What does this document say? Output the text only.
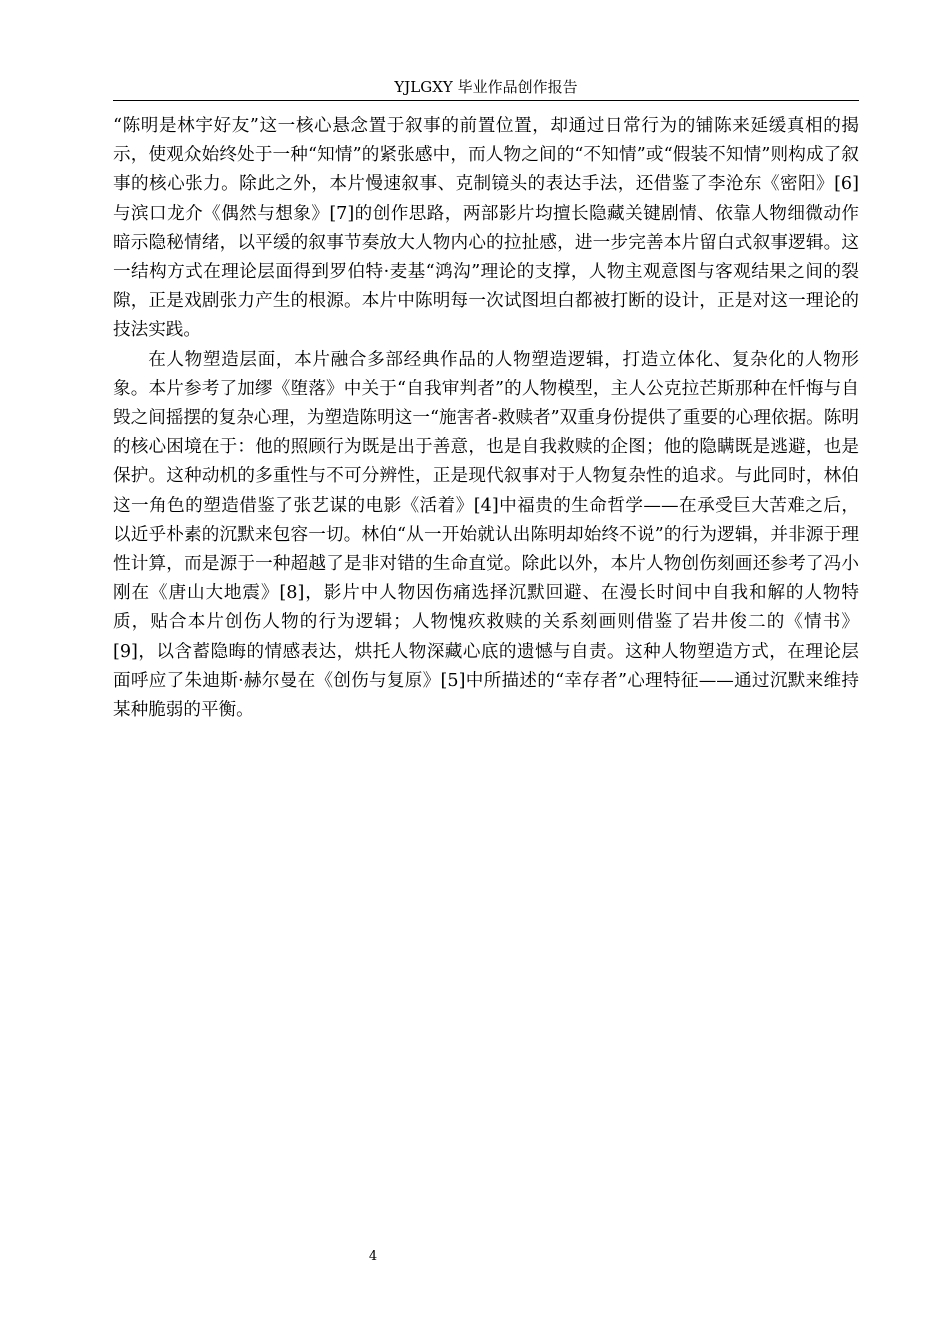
YJLGXY 毕业作品创作报告

“陈明是林宇好友”这一核心悬念置于叙事的前置位置，却通过日常行为的铺陈来延缓真相的揭示，使观众始终处于一种“知情”的紧张感中，而人物之间的“不知情”或“假装不知情”则构成了叙事的核心张力。除此之外，本片慢速叙事、克制镜头的表达手法，还借鉴了李沧东《密阳》[6]与滨口龙介《偶然与想象》[7]的创作思路，两部影片均擅长隐藏关键剧情、依靠人物细微动作暗示隐秘情绪，以平缓的叙事节奏放大人物内心的拉扯感，进一步完善本片留白式叙事逻辑。这一结构方式在理论层面得到罗伯特·麦基“鸿沟”理论的支撑，人物主观意图与客观结果之间的裂隙，正是戏剧张力产生的根源。本片中陈明每一次试图坦白都被打断的设计，正是对这一理论的技法实践。

在人物塑造层面，本片融合多部经典作品的人物塑造逻辑，打造立体化、复杂化的人物形象。本片参考了加缪《堕落》中关于“自我审判者”的人物模型，主人公克拉芒斯那种在忏悔与自毁之间摇摆的复杂心理，为塑造陈明这一“施害者-救赎者”双重身份提供了重要的心理依据。陈明的核心困境在于：他的照顾行为既是出于善意，也是自我救赎的企图；他的隐瞒既是逃避，也是保护。这种动机的多重性与不可分辨性，正是现代叙事对于人物复杂性的追求。与此同时，林伯这一角色的塑造借鉴了张艺谋的电影《活着》[4]中福贵的生命哲学——在承受巨大苦难之后，以近乎朴素的沉默来包容一切。林伯“从一开始就认出陈明却始终不说”的行为逻辑，并非源于理性计算，而是源于一种超越了是非对错的生命直觉。除此以外，本片人物创伤刻画还参考了冯小刚在《唐山大地震》[8]，影片中人物因伤痛选择沉默回避、在漫长时间中自我和解的人物特质，贴合本片创伤人物的行为逻辑；人物愧疚救赎的关系刻画则借鉴了岩井俊二的《情书》[9]，以含蓄隐晦的情感表达，烘托人物深藏心底的遗憾与自责。这种人物塑造方式，在理论层面呼应了朱迪斯·赫尔曼在《创伤与复原》[5]中所描述的“幸存者”心理特征——通过沉默来维持某种脆弱的平衡。

4
